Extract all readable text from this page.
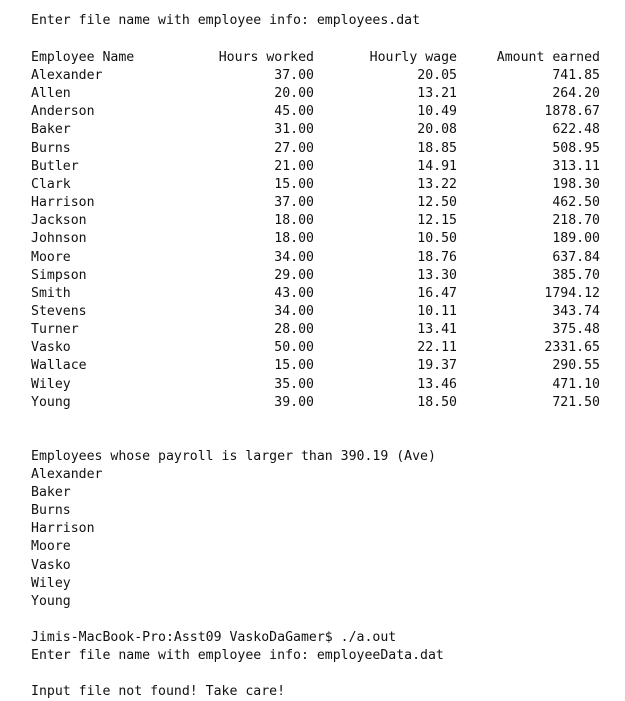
Enter file name with employee info: employees.dat
Employee Name	Hours worked	Hourly wage	Amount earned
Alexander	37.00	20.05	741.85
Allen	20.00	13.21	264.20
Anderson	45.00	10.49	1878.67
Baker	31.00	20.08	622.48
Burns	27.00	18.85	508.95
Butler	21.00	14.91	313.11
Clark	15.00	13.22	198.30
Harrison	37.00	12.50	462.50
Jackson	18.00	12.15	218.70
Johnson	18.00	10.50	189.00
Moore	34.00	18.76	637.84
Simpson	29.00	13.30	385.70
Smith	43.00	16.47	1794.12
Stevens	34.00	10.11	343.74
Turner	28.00	13.41	375.48
Vasko	50.00	22.11	2331.65
Wallace	15.00	19.37	290.55
Wiley	35.00	13.46	471.10
Young	39.00	18.50	721.50
Employees whose payroll is larger than 390.19 (Ave)
Alexander
Baker
Burns
Harrison
Moore
Vasko
Wiley
Young
Jimis-MacBook-Pro:Asst09 VaskoDaGamer$ ./a.out
Enter file name with employee info: employeeData.dat
Input file not found! Take care!
